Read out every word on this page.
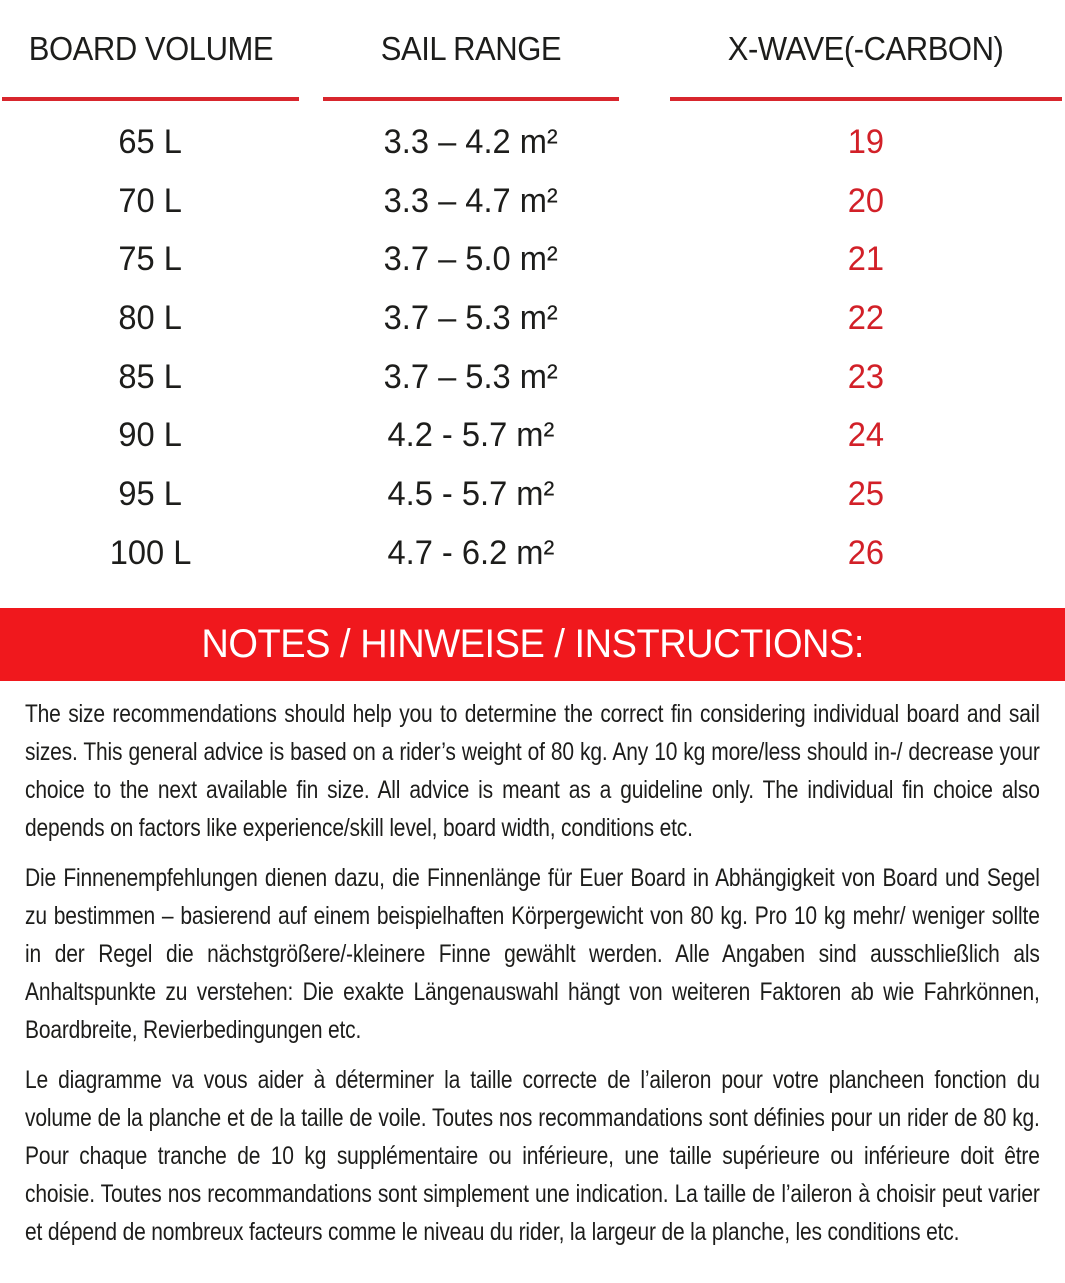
BOARD VOLUME	SAIL RANGE	X-WAVE(-CARBON)
65 L	3.3 – 4.2 m²	19
70 L	3.3 – 4.7 m²	20
75 L	3.7 – 5.0 m²	21
80 L	3.7 – 5.3 m²	22
85 L	3.7 – 5.3 m²	23
90 L	4.2 - 5.7 m²	24
95 L	4.5 - 5.7 m²	25
100 L	4.7 - 6.2 m²	26
NOTES / HINWEISE / INSTRUCTIONS:
The size recommendations should help you to determine the correct fin considering individual board and sail sizes. This general advice is based on a rider’s weight of 80 kg. Any 10 kg more/less should in-/ decrease your choice to the next available fin size. All advice is meant as a guideline only. The individual fin choice also depends on factors like experience/skill level, board width, conditions etc.
Die Finnenempfehlungen dienen dazu, die Finnenlänge für Euer Board in Abhängigkeit von Board und Segel zu bestimmen – basierend auf einem beispielhaften Körpergewicht von 80 kg. Pro 10 kg mehr/ weniger sollte in der Regel die nächstgrößere/-kleinere Finne gewählt werden. Alle Angaben sind ausschließlich als Anhaltspunkte zu verstehen: Die exakte Längenauswahl hängt von weiteren Faktoren ab wie Fahrkönnen, Boardbreite, Revierbedingungen etc.
Le diagramme va vous aider à déterminer la taille correcte de l’aileron pour votre plancheen fonction du volume de la planche et de la taille de voile. Toutes nos recommandations sont définies pour un rider de 80 kg. Pour chaque tranche de 10 kg supplémentaire ou inférieure, une taille supérieure ou inférieure doit être choisie. Toutes nos recommandations sont simplement une indication. La taille de l’aileron à choisir peut varier et dépend de nombreux facteurs comme le niveau du rider, la largeur de la planche, les conditions etc.
